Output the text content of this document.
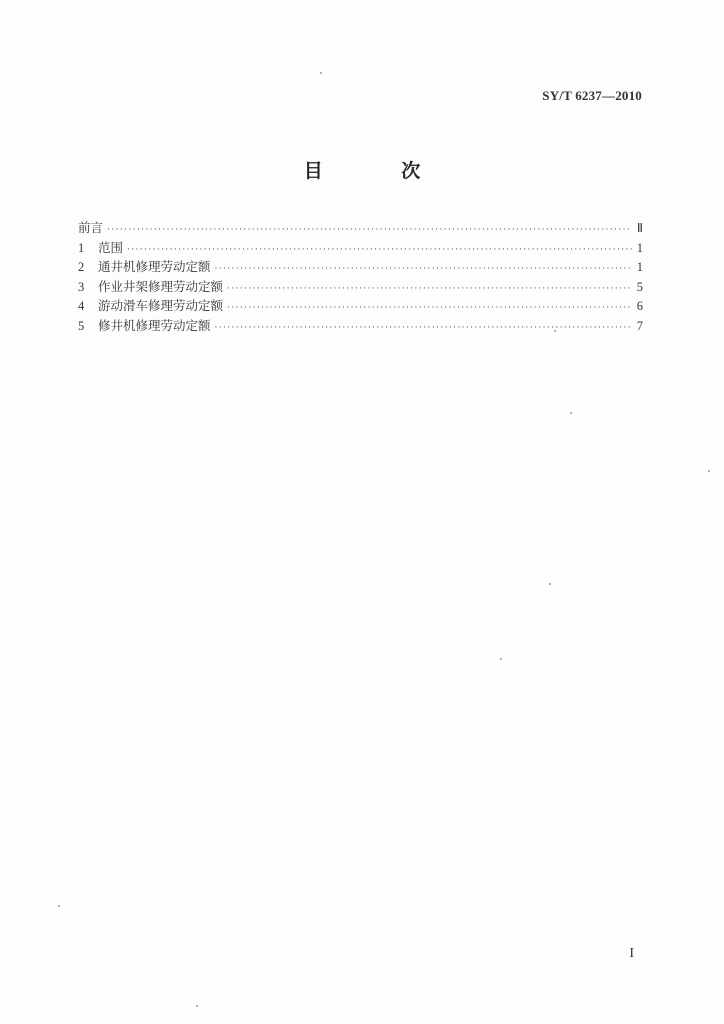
SY/T 6237—2010
目 次
前言 ·····	Ⅱ
1	范围 ·····	1
2	通井机修理劳动定额 ·····	1
3	作业井架修理劳动定额 ·····	5
4	游动滑车修理劳动定额 ·····	6
5	修井机修理劳动定额 ·····	7
I
